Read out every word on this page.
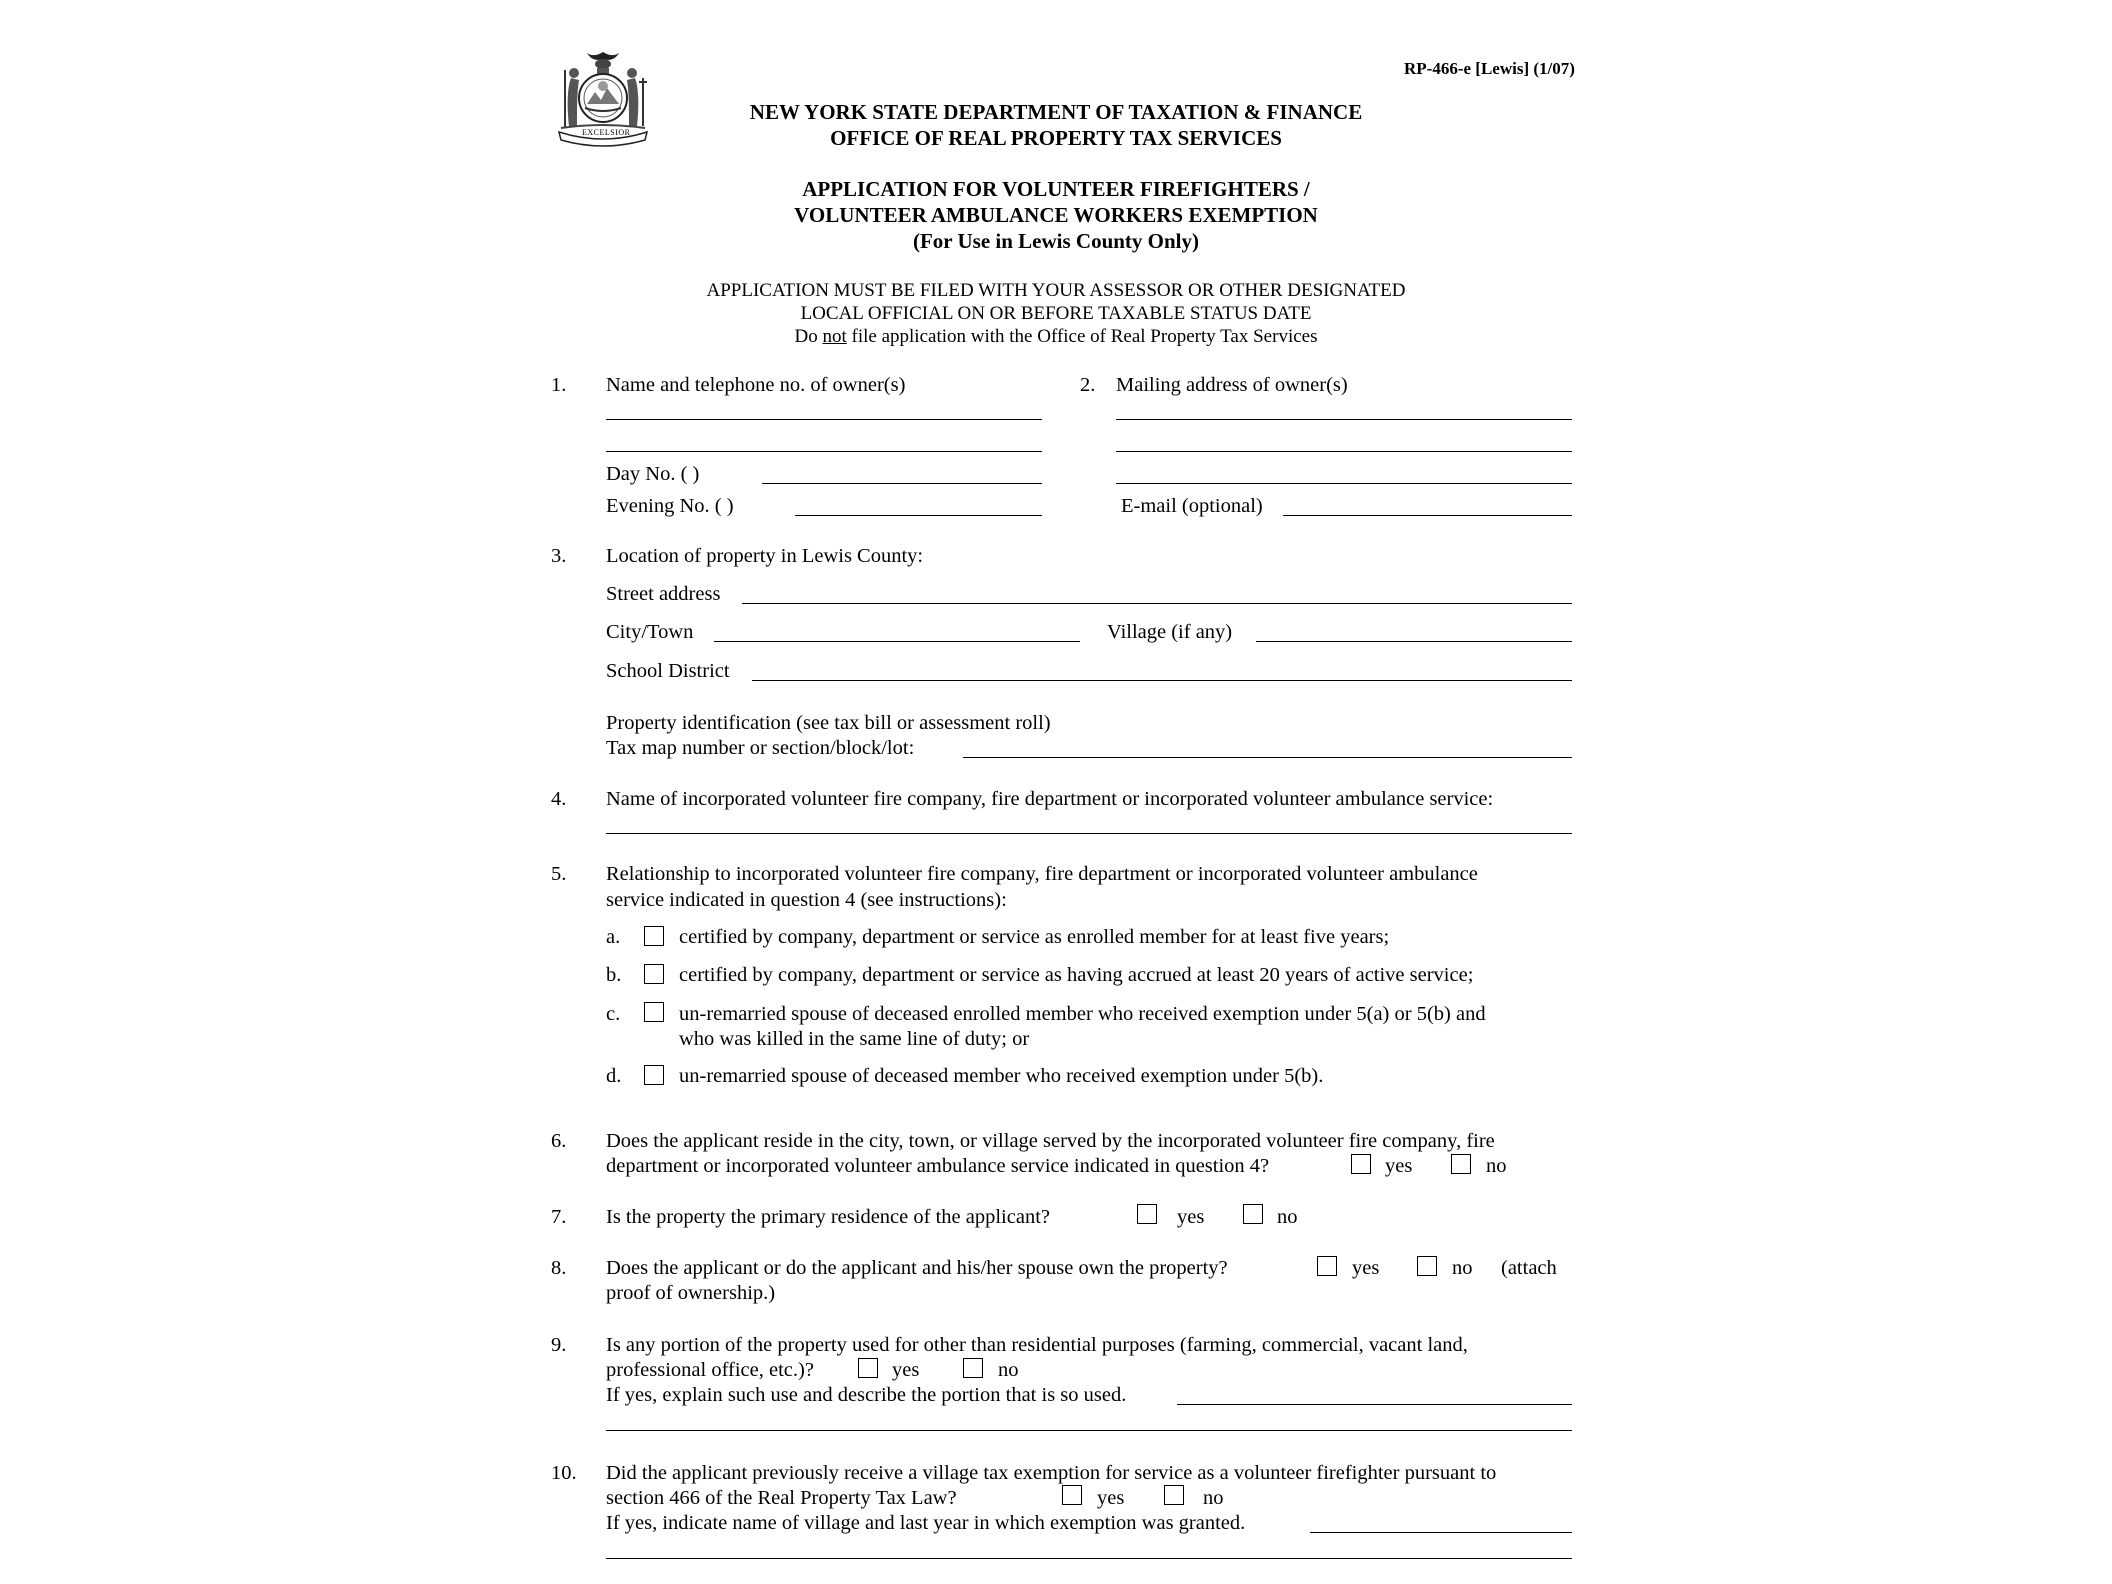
EXCELSIOR
RP-466-e [Lewis] (1/07)
NEW YORK STATE DEPARTMENT OF TAXATION & FINANCE
OFFICE OF REAL PROPERTY TAX SERVICES
APPLICATION FOR VOLUNTEER FIREFIGHTERS /
VOLUNTEER AMBULANCE WORKERS EXEMPTION
(For Use in Lewis County Only)
APPLICATION MUST BE FILED WITH YOUR ASSESSOR OR OTHER DESIGNATED
LOCAL OFFICIAL ON OR BEFORE TAXABLE STATUS DATE
Do not file application with the Office of Real Property Tax Services
1. Name and telephone no. of owner(s)
Day No. ( )
Evening No. ( )
2. Mailing address of owner(s)
E-mail (optional)
3. Location of property in Lewis County:
Street address
City/Town	Village (if any)
School District
Property identification (see tax bill or assessment roll)
Tax map number or section/block/lot:
4. Name of incorporated volunteer fire company, fire department or incorporated volunteer ambulance service:
5. Relationship to incorporated volunteer fire company, fire department or incorporated volunteer ambulance
service indicated in question 4 (see instructions):
a.	certified by company, department or service as enrolled member for at least five years;
b.	certified by company, department or service as having accrued at least 20 years of active service;
c.	un-remarried spouse of deceased enrolled member who received exemption under 5(a) or 5(b) and
who was killed in the same line of duty; or
d.	un-remarried spouse of deceased member who received exemption under 5(b).
6. Does the applicant reside in the city, town, or village served by the incorporated volunteer fire company, fire
department or incorporated volunteer ambulance service indicated in question 4?	yes	no
7. Is the property the primary residence of the applicant?	yes	no
8. Does the applicant or do the applicant and his/her spouse own the property?	yes	no (attach
proof of ownership.)
9. Is any portion of the property used for other than residential purposes (farming, commercial, vacant land,
professional office, etc.)?	yes	no
If yes, explain such use and describe the portion that is so used.
10. Did the applicant previously receive a village tax exemption for service as a volunteer firefighter pursuant to
section 466 of the Real Property Tax Law?	yes	no
If yes, indicate name of village and last year in which exemption was granted.
